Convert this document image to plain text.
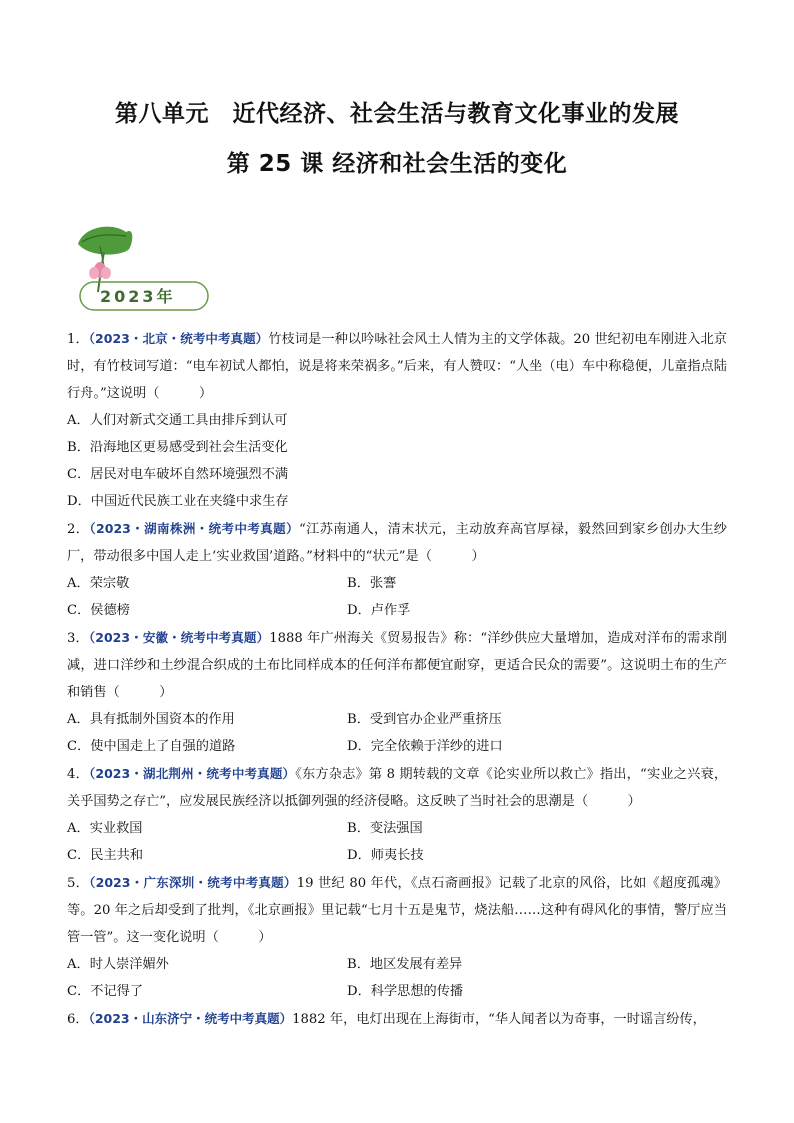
第八单元　近代经济、社会生活与教育文化事业的发展
第 25 课 经济和社会生活的变化
2023年
1．（2023・北京・统考中考真题）竹枝词是一种以吟咏社会风土人情为主的文学体裁。20 世纪初电车刚进入北京时，有竹枝词写道：“电车初试人都怕，说是将来荣祸多。”后来，有人赞叹：“人坐（电）车中称稳便，儿童指点陆行舟。”这说明（　　　）
A．人们对新式交通工具由排斥到认可
B．沿海地区更易感受到社会生活变化
C．居民对电车破坏自然环境强烈不满
D．中国近代民族工业在夹缝中求生存
2．（2023・湖南株洲・统考中考真题）“江苏南通人，清末状元，主动放弃高官厚禄，毅然回到家乡创办大生纱厂，带动很多中国人走上‘实业救国’道路。”材料中的“状元”是（　　　）
A．荣宗敬	B．张謇
C．侯德榜	D．卢作孚
3．（2023・安徽・统考中考真题）1888 年广州海关《贸易报告》称：“洋纱供应大量增加，造成对洋布的需求削减，进口洋纱和土纱混合织成的土布比同样成本的任何洋布都便宜耐穿，更适合民众的需要”。这说明土布的生产和销售（　　　）
A．具有抵制外国资本的作用	B．受到官办企业严重挤压
C．使中国走上了自强的道路	D．完全依赖于洋纱的进口
4．（2023・湖北荆州・统考中考真题）《东方杂志》第 8 期转载的文章《论实业所以救亡》指出，“实业之兴衰，关乎国势之存亡”，应发展民族经济以抵御列强的经济侵略。这反映了当时社会的思潮是（　　　）
A．实业救国	B．变法强国
C．民主共和	D．师夷长技
5．（2023・广东深圳・统考中考真题）19 世纪 80 年代，《点石斋画报》记载了北京的风俗，比如《超度孤魂》等。20 年之后却受到了批判，《北京画报》里记载“七月十五是鬼节，烧法船……这种有碍风化的事情，警厅应当管一管”。这一变化说明（　　　）
A．时人崇洋媚外	B．地区发展有差异
C．不记得了	D．科学思想的传播
6．（2023・山东济宁・统考中考真题）1882 年，电灯出现在上海街市，“华人闻者以为奇事，一时谣言纷传，
